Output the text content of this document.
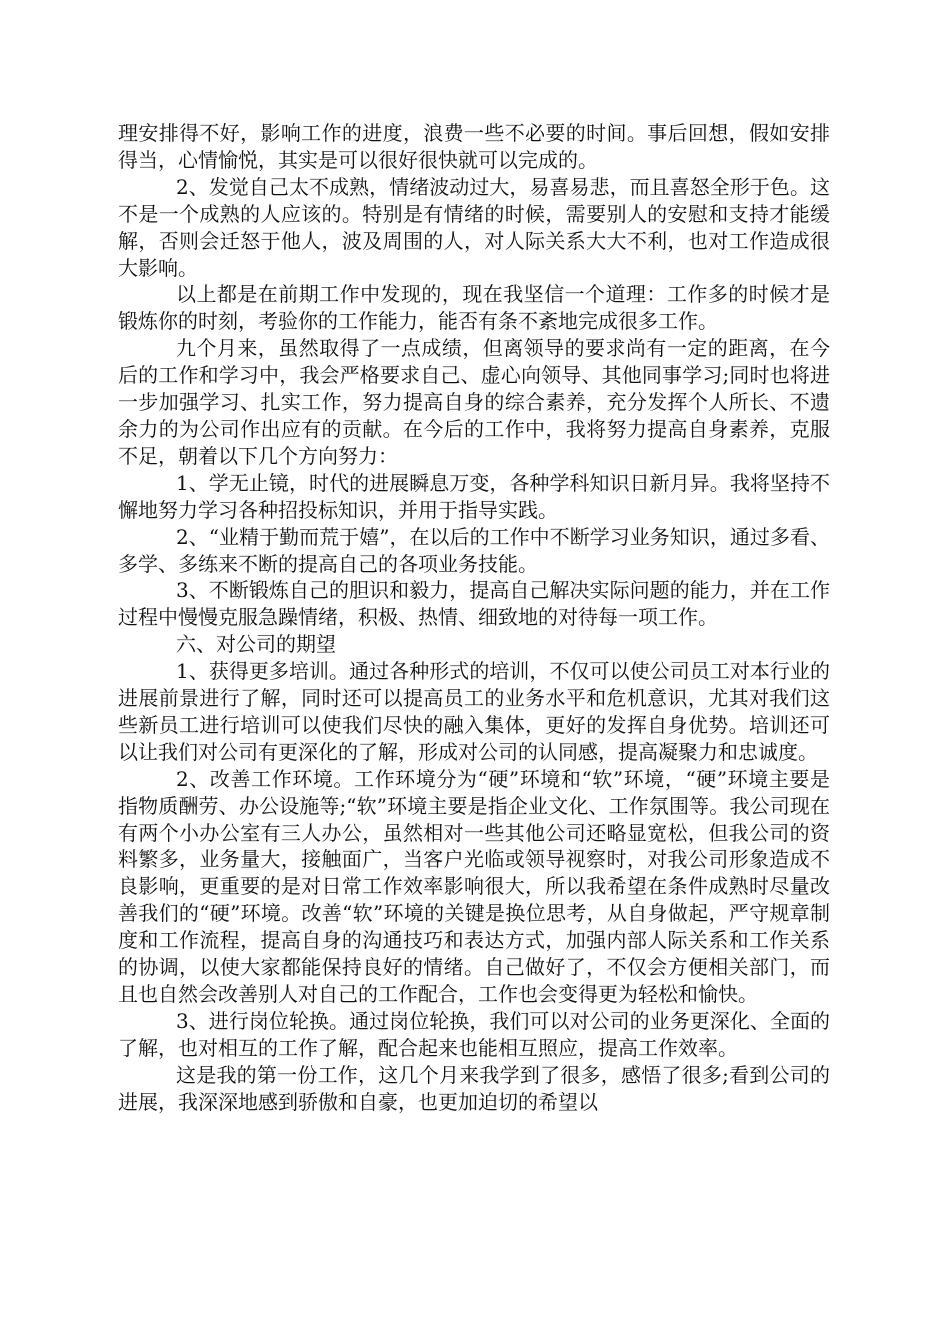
理安排得不好，影响工作的进度，浪费一些不必要的时间。事后回想，假如安排得当，心情愉悦，其实是可以很好很快就可以完成的。

2、发觉自己太不成熟，情绪波动过大，易喜易悲，而且喜怒全形于色。这不是一个成熟的人应该的。特别是有情绪的时候，需要别人的安慰和支持才能缓解，否则会迁怒于他人，波及周围的人，对人际关系大大不利，也对工作造成很大影响。

以上都是在前期工作中发现的，现在我坚信一个道理：工作多的时候才是锻炼你的时刻，考验你的工作能力，能否有条不紊地完成很多工作。

九个月来，虽然取得了一点成绩，但离领导的要求尚有一定的距离，在今后的工作和学习中，我会严格要求自己、虚心向领导、其他同事学习;同时也将进一步加强学习、扎实工作，努力提高自身的综合素养，充分发挥个人所长、不遗余力的为公司作出应有的贡献。在今后的工作中，我将努力提高自身素养，克服不足，朝着以下几个方向努力：

1、学无止镜，时代的进展瞬息万变，各种学科知识日新月异。我将坚持不懈地努力学习各种招投标知识，并用于指导实践。

2、“业精于勤而荒于嬉”，在以后的工作中不断学习业务知识，通过多看、多学、多练来不断的提高自己的各项业务技能。

3、不断锻炼自己的胆识和毅力，提高自己解决实际问题的能力，并在工作过程中慢慢克服急躁情绪，积极、热情、细致地的对待每一项工作。

六、对公司的期望

1、获得更多培训。通过各种形式的培训，不仅可以使公司员工对本行业的进展前景进行了解，同时还可以提高员工的业务水平和危机意识，尤其对我们这些新员工进行培训可以使我们尽快的融入集体，更好的发挥自身优势。培训还可以让我们对公司有更深化的了解，形成对公司的认同感，提高凝聚力和忠诚度。

2、改善工作环境。工作环境分为“硬”环境和“软”环境，“硬”环境主要是指物质酬劳、办公设施等;“软”环境主要是指企业文化、工作氛围等。我公司现在有两个小办公室有三人办公，虽然相对一些其他公司还略显宽松，但我公司的资料繁多，业务量大，接触面广，当客户光临或领导视察时，对我公司形象造成不良影响，更重要的是对日常工作效率影响很大，所以我希望在条件成熟时尽量改善我们的“硬”环境。改善“软”环境的关键是换位思考，从自身做起，严守规章制度和工作流程，提高自身的沟通技巧和表达方式，加强内部人际关系和工作关系的协调，以使大家都能保持良好的情绪。自己做好了，不仅会方便相关部门，而且也自然会改善别人对自己的工作配合，工作也会变得更为轻松和愉快。

3、进行岗位轮换。通过岗位轮换，我们可以对公司的业务更深化、全面的了解，也对相互的工作了解，配合起来也能相互照应，提高工作效率。

这是我的第一份工作，这几个月来我学到了很多，感悟了很多;看到公司的进展，我深深地感到骄傲和自豪，也更加迫切的希望以
